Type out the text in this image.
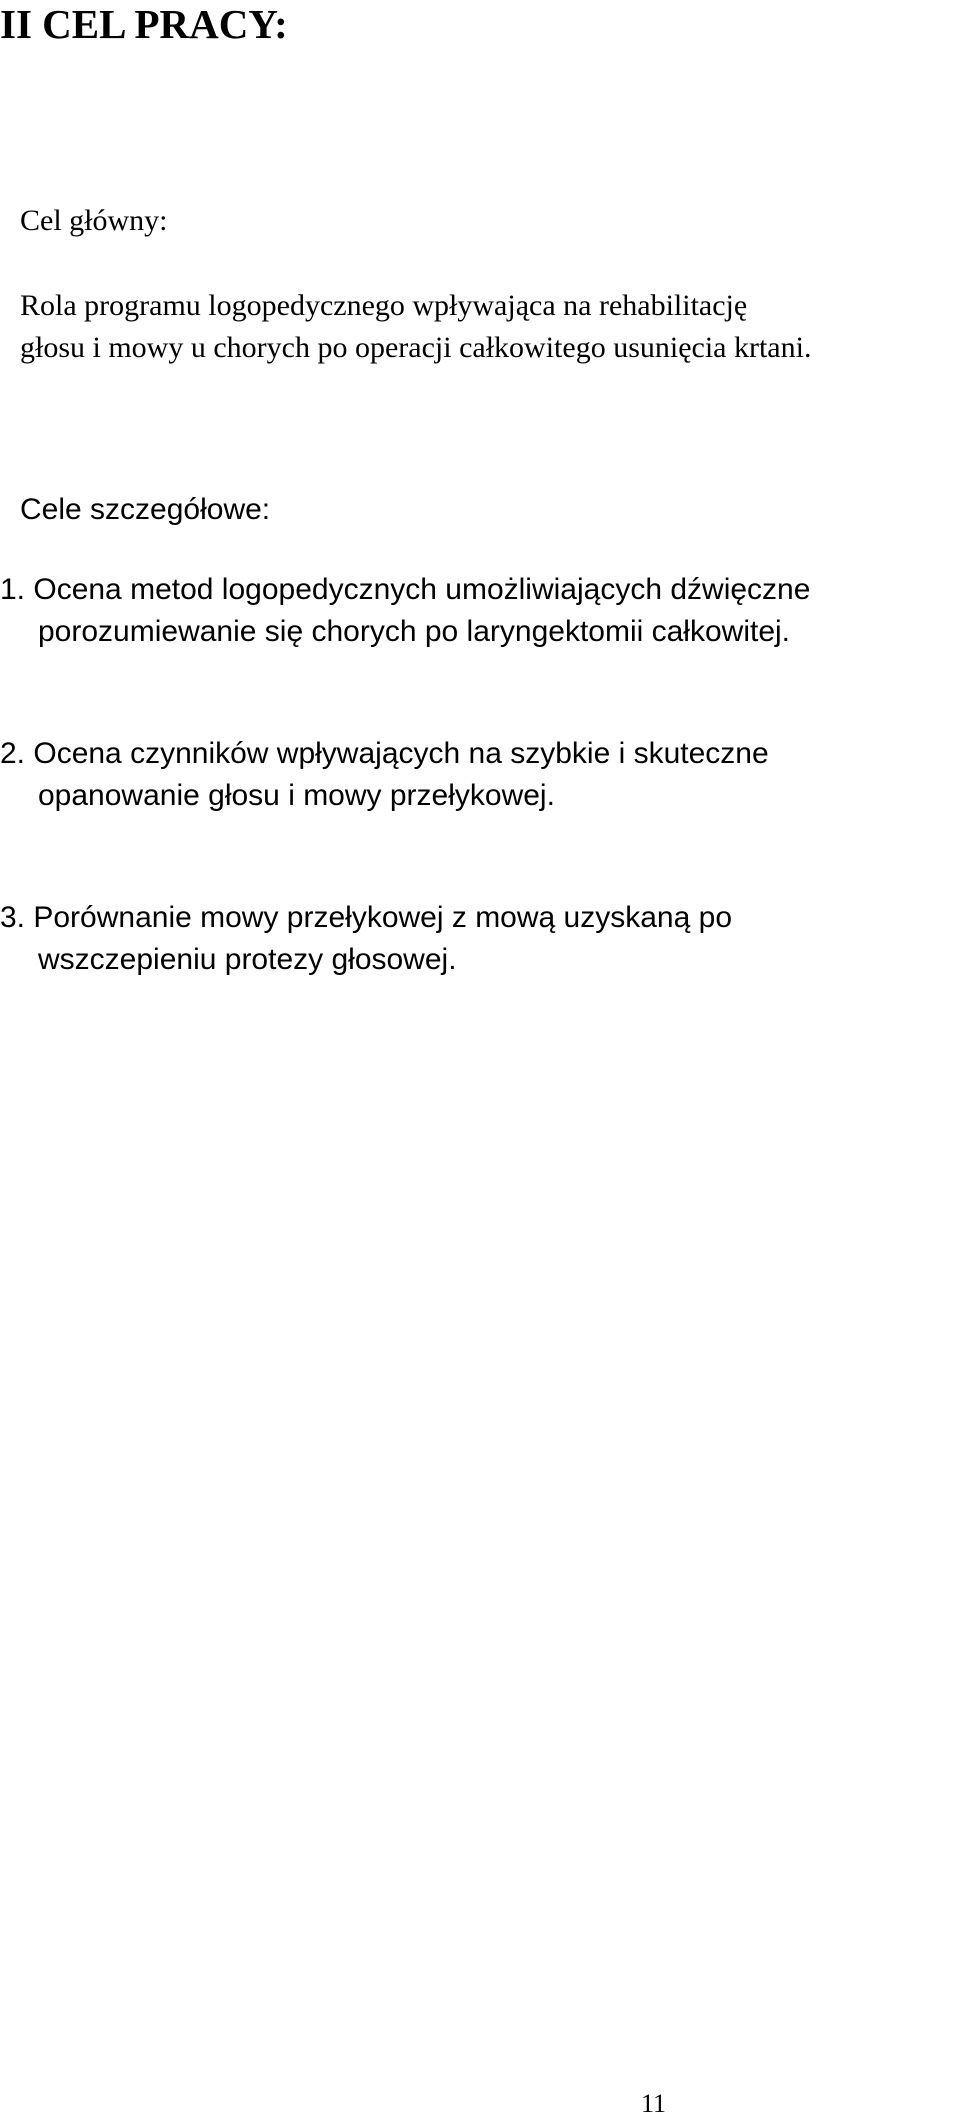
II CEL PRACY:

Cel główny:

Rola programu logopedycznego wpływająca na rehabilitację
głosu i mowy u chorych po operacji całkowitego usunięcia krtani.

Cele szczegółowe:

1. Ocena metod logopedycznych umożliwiających dźwięczne
porozumiewanie się chorych po laryngektomii całkowitej.
2. Ocena czynników wpływających na szybkie i skuteczne
opanowanie głosu i mowy przełykowej.
3. Porównanie mowy przełykowej z mową uzyskaną po
wszczepieniu protezy głosowej.

11
